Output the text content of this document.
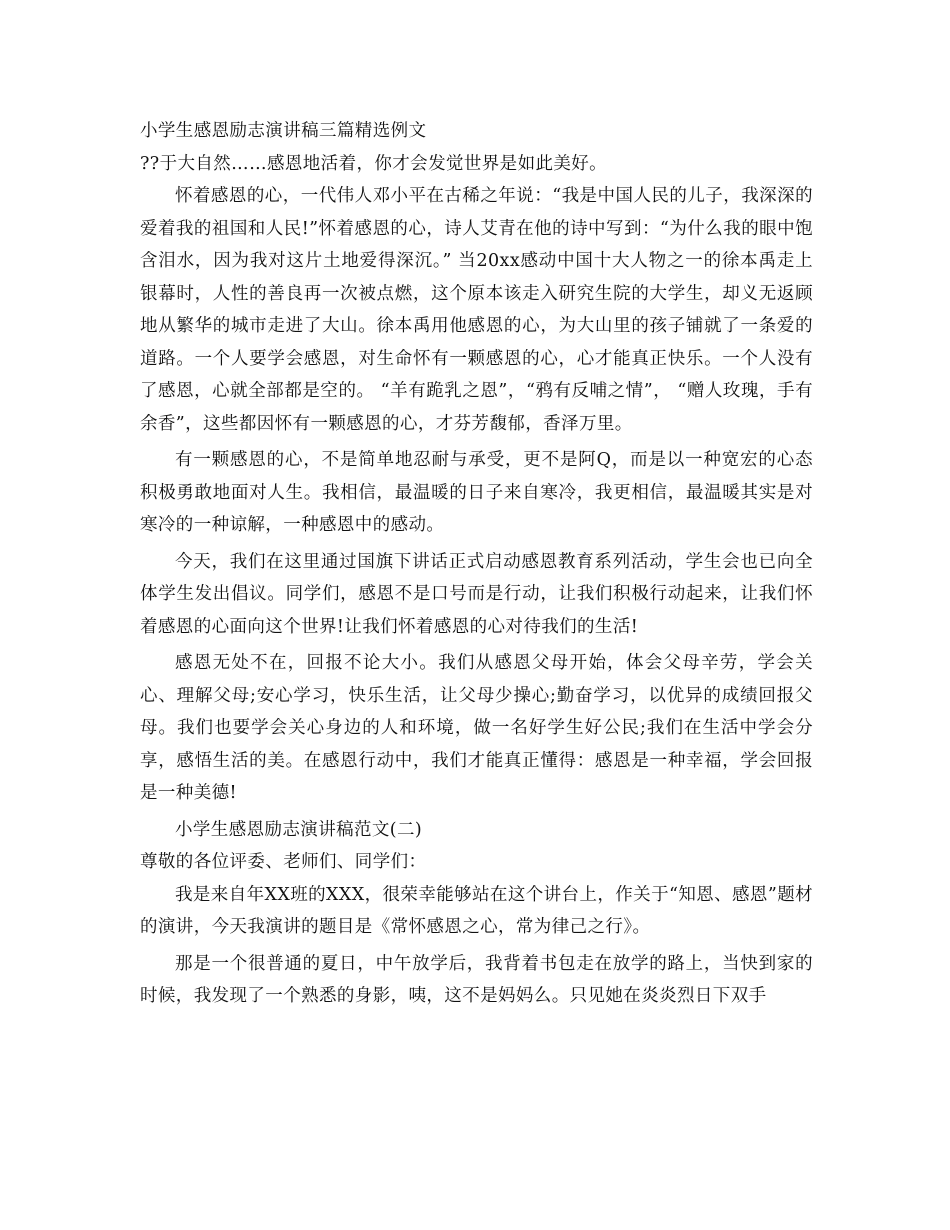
小学生感恩励志演讲稿三篇精选例文
??于大自然……感恩地活着，你才会发觉世界是如此美好。

怀着感恩的心，一代伟人邓小平在古稀之年说：“我是中国人民的儿子，我深深的爱着我的祖国和人民!”怀着感恩的心，诗人艾青在他的诗中写到：“为什么我的眼中饱含泪水，因为我对这片土地爱得深沉。” 当20xx感动中国十大人物之一的徐本禹走上银幕时，人性的善良再一次被点燃，这个原本该走入研究生院的大学生，却义无返顾地从繁华的城市走进了大山。徐本禹用他感恩的心，为大山里的孩子铺就了一条爱的道路。一个人要学会感恩，对生命怀有一颗感恩的心，心才能真正快乐。一个人没有了感恩，心就全部都是空的。 “羊有跪乳之恩”，“鸦有反哺之情”， “赠人玫瑰，手有余香”，这些都因怀有一颗感恩的心，才芬芳馥郁，香泽万里。

有一颗感恩的心，不是简单地忍耐与承受，更不是阿Q，而是以一种宽宏的心态积极勇敢地面对人生。我相信，最温暖的日子来自寒冷，我更相信，最温暖其实是对寒冷的一种谅解，一种感恩中的感动。

今天，我们在这里通过国旗下讲话正式启动感恩教育系列活动，学生会也已向全体学生发出倡议。同学们，感恩不是口号而是行动，让我们积极行动起来，让我们怀着感恩的心面向这个世界!让我们怀着感恩的心对待我们的生活!

感恩无处不在，回报不论大小。我们从感恩父母开始，体会父母辛劳，学会关心、理解父母;安心学习，快乐生活，让父母少操心;勤奋学习，以优异的成绩回报父母。我们也要学会关心身边的人和环境，做一名好学生好公民;我们在生活中学会分享，感悟生活的美。在感恩行动中，我们才能真正懂得：感恩是一种幸福，学会回报是一种美德!

小学生感恩励志演讲稿范文(二)
尊敬的各位评委、老师们、同学们：

我是来自年XX班的XXX，很荣幸能够站在这个讲台上，作关于“知恩、感恩”题材的演讲，今天我演讲的题目是《常怀感恩之心，常为律己之行》。

那是一个很普通的夏日，中午放学后，我背着书包走在放学的路上，当快到家的时候，我发现了一个熟悉的身影，咦，这不是妈妈么。只见她在炎炎烈日下双手
